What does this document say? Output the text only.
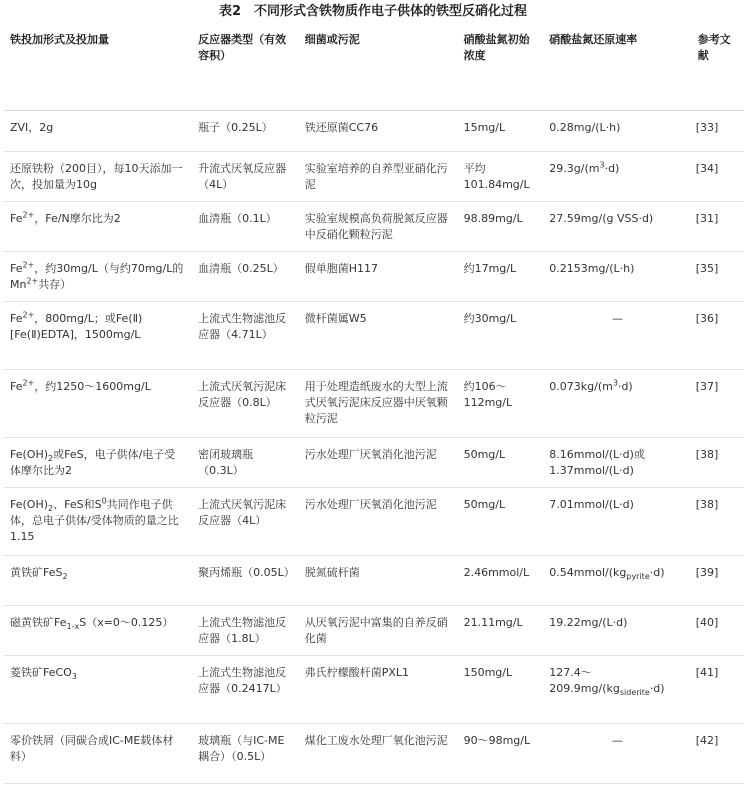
表2　不同形式含铁物质作电子供体的铁型反硝化过程
铁投加形式及投加量	反应器类型（有效容积）	细菌或污泥	硝酸盐氮初始浓度	硝酸盐氮还原速率	参考文献
ZVI，2g	瓶子（0.25L）	铁还原菌CC76	15mg/L	0.28mg/(L·h)	[33]
还原铁粉（200目），每10天添加一次，投加量为10g	升流式厌氧反应器（4L）	实验室培养的自养型亚硝化污泥	平均101.84mg/L	$29.3g/(m^3\cdot d)$	[34]
$Fe^{2+}$，Fe/N摩尔比为2	血清瓶（0.1L）	实验室规模高负荷脱氮反应器中反硝化颗粒污泥	98.89mg/L	27.59mg/(g VSS·d)	[31]
$Fe^{2+}$，约30mg/L（与约70mg/L的$Mn^{2+}$共存）	血清瓶（0.25L）	假单胞菌H117	约17mg/L	0.2153mg/(L·h)	[35]
$Fe^{2+}$，800mg/L；或Fe(Ⅱ)[Fe(Ⅱ)EDTA]，1500mg/L	上流式生物滤池反应器（4.71L）	微杆菌属W5	约30mg/L	—	[36]
$Fe^{2+}$，约1250～1600mg/L	上流式厌氧污泥床反应器（0.8L）	用于处理造纸废水的大型上流式厌氧污泥床反应器中厌氧颗粒污泥	约106～112mg/L	$0.073kg/(m^3\cdot d)$	[37]
$Fe(OH)_2$或FeS，电子供体/电子受体摩尔比为2	密闭玻璃瓶（0.3L）	污水处理厂厌氧消化池污泥	50mg/L	8.16mmol/(L·d)或1.37mmol/(L·d)	[38]
$Fe(OH)_2$、FeS和$S^0$共同作电子供体，总电子供体/受体物质的量之比1.15	上流式厌氧污泥床反应器（4L）	污水处理厂厌氧消化池污泥	50mg/L	7.01mmol/(L·d)	[38]
黄铁矿FeS$_2$	聚丙烯瓶（0.05L）	脱氮硫杆菌	2.46mmol/L	$0.54mmol/(kg_{pyrite}\cdot d)$	[39]
磁黄铁矿$Fe_{1-x}S(x=0\sim 0.125)$	上流式生物滤池反应器（1.8L）	从厌氧污泥中富集的自养反硝化菌	21.11mg/L	19.22mg/(L·d)	[40]
菱铁矿FeCO$_3$	上流式生物滤池反应器（0.2417L）	弗氏柠檬酸杆菌PXL1	150mg/L	$127.4\sim 209.9mg/(kg_{siderite}\cdot d)$	[41]
零价铁屑（同碳合成IC-ME载体材料）	玻璃瓶（与IC-ME耦合）（0.5L）	煤化工废水处理厂氧化池污泥	90～98mg/L	—	[42]
